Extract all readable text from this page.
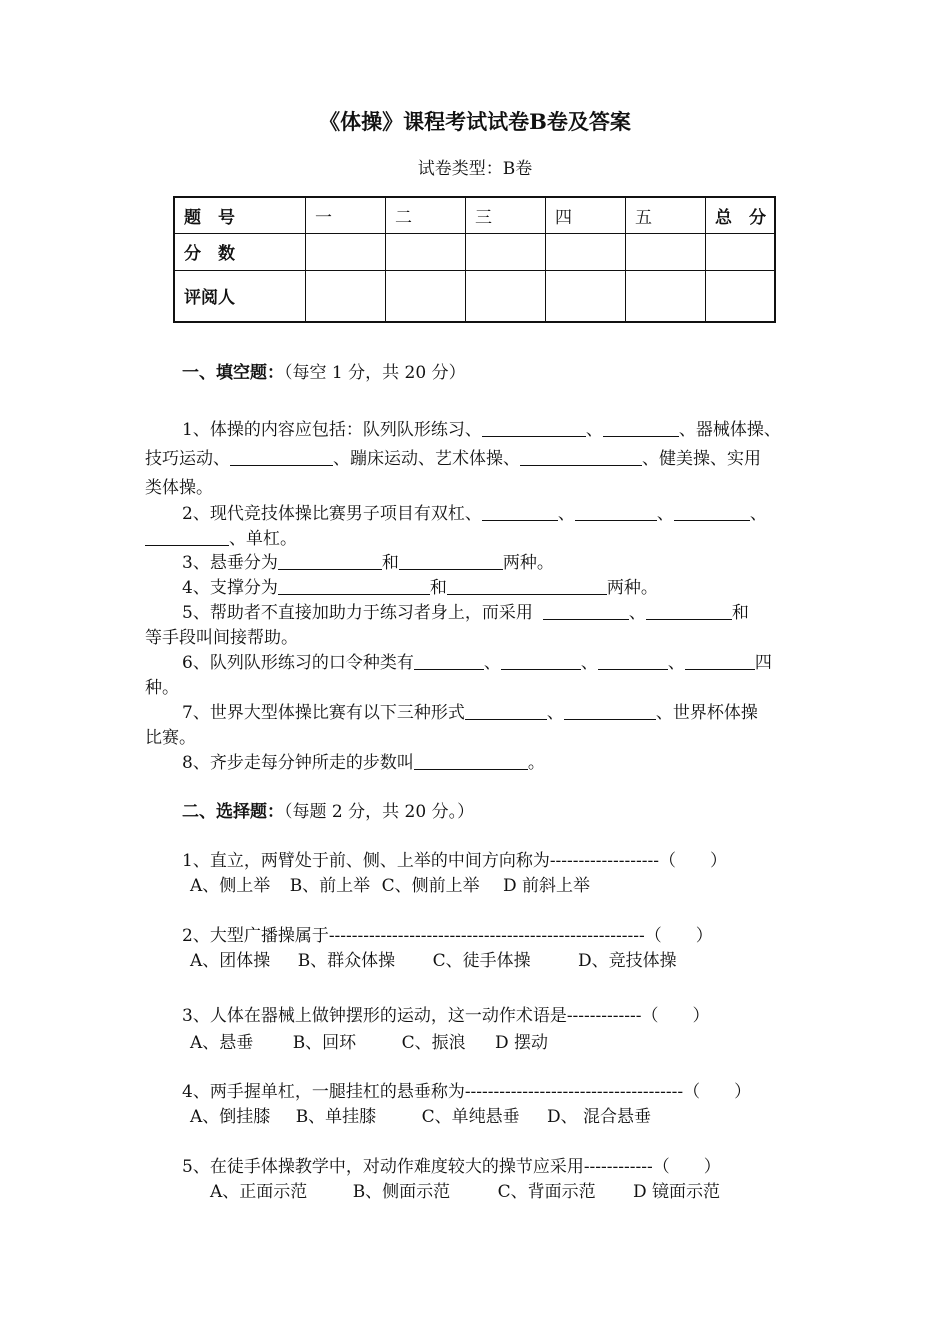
《体操》课程考试试卷B卷及答案
试卷类型：B卷
题　号	一	二	三	四	五	总　分
分　数						
评阅人						
一、填空题：（每空 1 分，共 20 分）
1、体操的内容应包括：队列队形练习、	、	、器械体操、
技巧运动、	、蹦床运动、艺术体操、	、健美操、实用
类体操。
2、现代竞技体操比赛男子项目有双杠、	、	、	、
、单杠。
3、悬垂分为	和	两种。
4、支撑分为	和	两种。
5、帮助者不直接加助力于练习者身上，而采用	、	和
等手段叫间接帮助。
6、队列队形练习的口令种类有	、	、	、	四
种。
7、世界大型体操比赛有以下三种形式	、	、世界杯体操
比赛。
8、齐步走每分钟所走的步数叫	。
二、选择题：（每题 2 分，共 20 分。）
1、直立，两臂处于前、侧、上举的中间方向称为-------------------（　　）
A、侧上举 B、前上举 C、侧前上举 D 前斜上举
2、大型广播操属于-------------------------------------------------------（　　）
A、团体操 B、群众体操 C、徒手体操	D、竞技体操
3、人体在器械上做钟摆形的运动，这一动作术语是-------------（　　）
A、悬垂 B、回环	C、振浪 D 摆动
4、两手握单杠，一腿挂杠的悬垂称为--------------------------------------（　　）
A、倒挂膝 B、单挂膝	C、单纯悬垂 D、 混合悬垂
5、在徒手体操教学中，对动作难度较大的操节应采用------------（　　）
A、正面示范	B、侧面示范	C、背面示范 D 镜面示范
